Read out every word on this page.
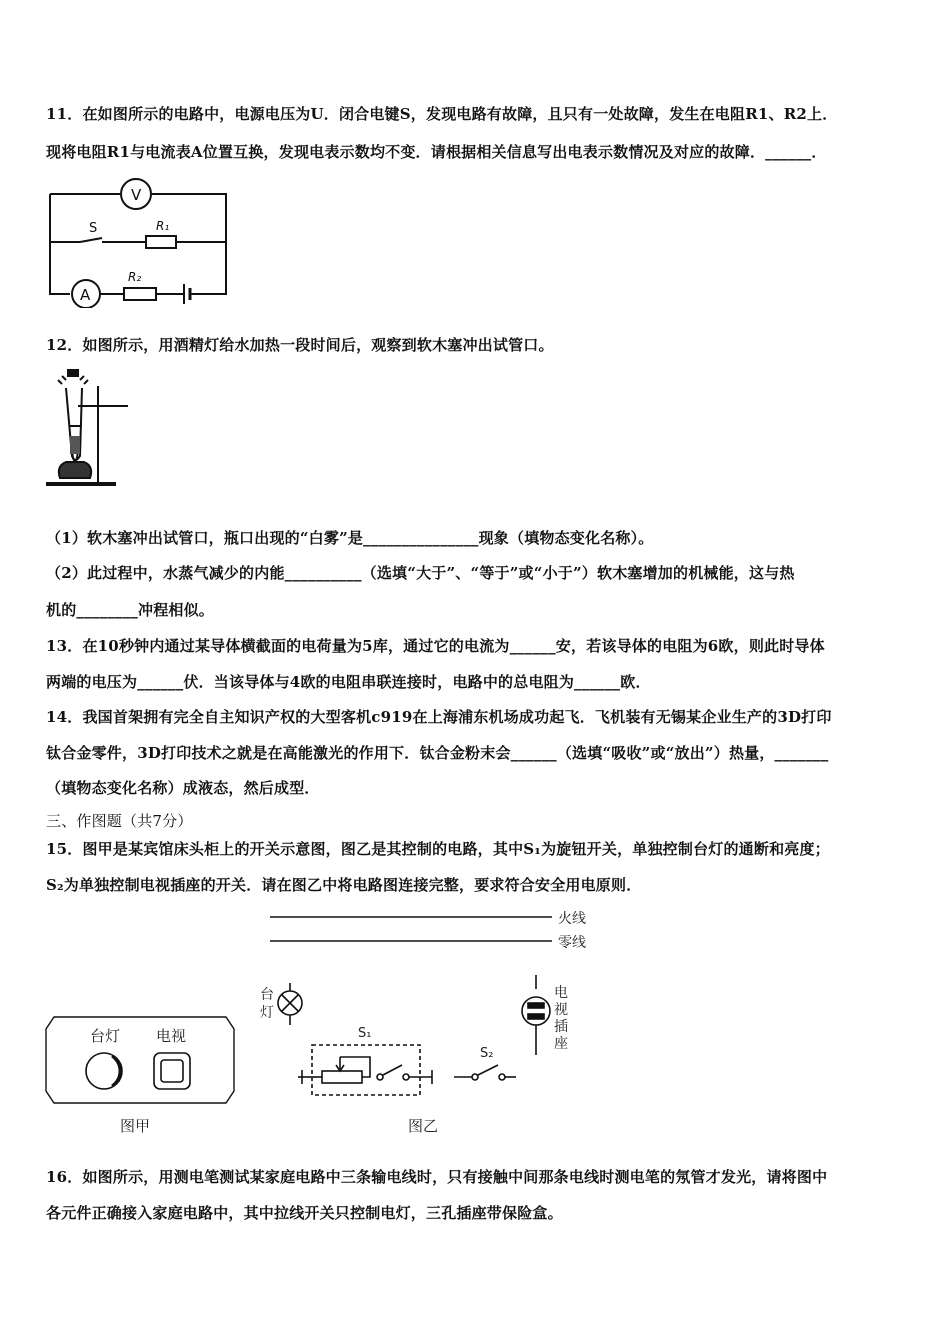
11．在如图所示的电路中，电源电压为U．闭合电键S，发现电路有故障，且只有一处故障，发生在电阻R1、R2上．
现将电阻R1与电流表A位置互换，发现电表示数均不变．请根据相关信息写出电表示数情况及对应的故障．______．
V
A
S	R₁
R₂
12．如图所示，用酒精灯给水加热一段时间后，观察到软木塞冲出试管口。
（1）软木塞冲出试管口，瓶口出现的“白雾”是_______________现象（填物态变化名称）。
（2）此过程中，水蒸气减少的内能__________（选填“大于”、“等于”或“小于”）软木塞增加的机械能，这与热
机的________冲程相似。
13．在10秒钟内通过某导体横截面的电荷量为5库，通过它的电流为______安，若该导体的电阻为6欧，则此时导体
两端的电压为______伏．当该导体与4欧的电阻串联连接时，电路中的总电阻为______欧．
14．我国首架拥有完全自主知识产权的大型客机c919在上海浦东机场成功起飞．飞机装有无锡某企业生产的3D打印
钛合金零件，3D打印技术之就是在高能激光的作用下．钛合金粉末会______（选填“吸收”或“放出”）热量，_______
（填物态变化名称）成液态，然后成型．
三、作图题（共7分）
15．图甲是某宾馆床头柜上的开关示意图，图乙是其控制的电路，其中S₁为旋钮开关，单独控制台灯的通断和亮度；
S₂为单独控制电视插座的开关．请在图乙中将电路图连接完整，要求符合安全用电原则．
火线
零线
台
灯
电
视
插
座
S₁
S₂
台灯 电视
图甲	图乙
16．如图所示，用测电笔测试某家庭电路中三条输电线时，只有接触中间那条电线时测电笔的氖管才发光，请将图中
各元件正确接入家庭电路中，其中拉线开关只控制电灯，三孔插座带保险盒。
